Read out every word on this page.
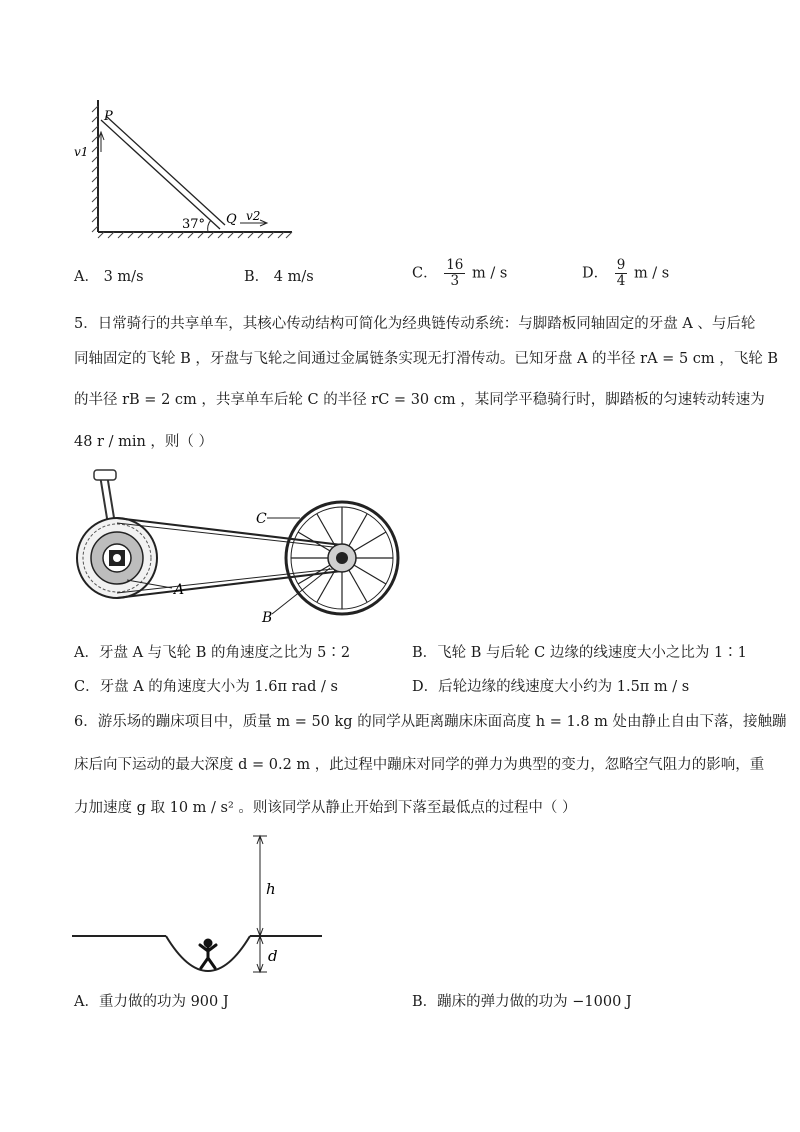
P
v1
37° Q v2
A． 3 m/s	B． 4 m/s	C． $\frac{16}{3}$ m / s	D． $\frac{9}{4}$ m / s
5．日常骑行的共享单车，其核心传动结构可简化为经典链传动系统：与脚踏板同轴固定的牙盘 A 、与后轮
同轴固定的飞轮 B ，牙盘与飞轮之间通过金属链条实现无打滑传动。已知牙盘 A 的半径 rA = 5 cm ，飞轮 B
的半径 rB = 2 cm ，共享单车后轮 C 的半径 rC = 30 cm ，某同学平稳骑行时，脚踏板的匀速转动转速为
48 r / min ，则（ ）
A
C
B
A．牙盘 A 与飞轮 B 的角速度之比为 5∶2	B．飞轮 B 与后轮 C 边缘的线速度大小之比为 1∶1
C．牙盘 A 的角速度大小为 1.6π rad / s	D．后轮边缘的线速度大小约为 1.5π m / s
6．游乐场的蹦床项目中，质量 m = 50 kg 的同学从距离蹦床床面高度 h = 1.8 m 处由静止自由下落，接触蹦
床后向下运动的最大深度 d = 0.2 m ，此过程中蹦床对同学的弹力为典型的变力，忽略空气阻力的影响，重
力加速度 g 取 10 m / s² 。则该同学从静止开始到下落至最低点的过程中（ ）
h
d
A．重力做的功为 900 J	B．蹦床的弹力做的功为 −1000 J
